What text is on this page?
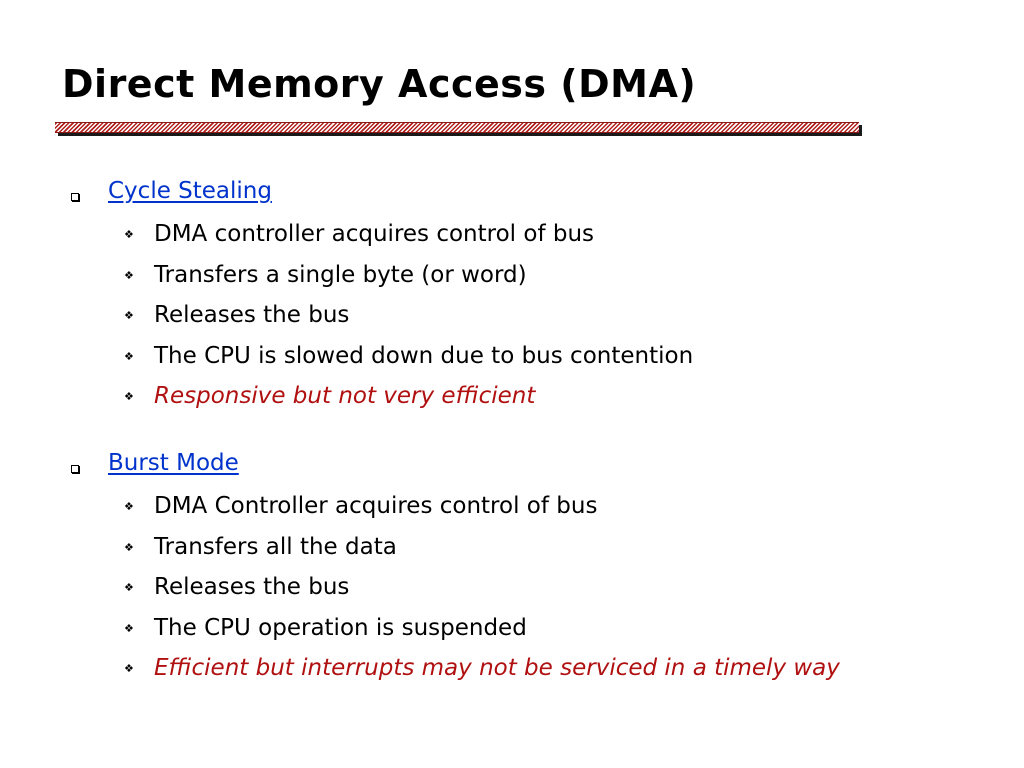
Direct Memory Access (DMA)
Cycle Stealing
❖ DMA controller acquires control of bus
❖ Transfers a single byte (or word)
❖ Releases the bus
❖ The CPU is slowed down due to bus contention
❖ Responsive but not very efficient
Burst Mode
❖ DMA Controller acquires control of bus
❖ Transfers all the data
❖ Releases the bus
❖ The CPU operation is suspended
❖ Efficient but interrupts may not be serviced in a timely way
